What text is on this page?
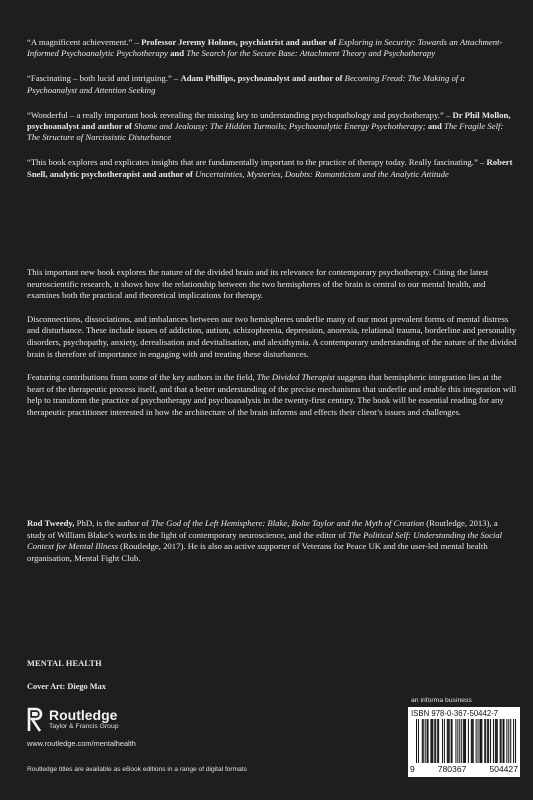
“A magnificent achievement.” – Professor Jeremy Holmes, psychiatrist and author of Exploring in Security: Towards an Attachment-Informed Psychoanalytic Psychotherapy and The Search for the Secure Base: Attachment Theory and Psychotherapy

“Fascinating – both lucid and intriguing.” – Adam Phillips, psychoanalyst and author of Becoming Freud: The Making of a Psychoanalyst and Attention Seeking

“Wonderful – a really important book revealing the missing key to understanding psychopathology and psychotherapy.” – Dr Phil Mollon, psychoanalyst and author of Shame and Jealousy: The Hidden Turmoils; Psychoanalytic Energy Psychotherapy; and The Fragile Self: The Structure of Narcissistic Disturbance

“This book explores and explicates insights that are fundamentally important to the practice of therapy today. Really fascinating.” – Robert Snell, analytic psychotherapist and author of Uncertainties, Mysteries, Doubts: Romanticism and the Analytic Attitude

This important new book explores the nature of the divided brain and its relevance for contemporary psychotherapy. Citing the latest neuroscientific research, it shows how the relationship between the two hemispheres of the brain is central to our mental health, and examines both the practical and theoretical implications for therapy.

Disconnections, dissociations, and imbalances between our two hemispheres underlie many of our most prevalent forms of mental distress and disturbance. These include issues of addiction, autism, schizophrenia, depression, anorexia, relational trauma, borderline and personality disorders, psychopathy, anxiety, derealisation and devitalisation, and alexithymia. A contemporary understanding of the nature of the divided brain is therefore of importance in engaging with and treating these disturbances.

Featuring contributions from some of the key authors in the field, The Divided Therapist suggests that hemispheric integration lies at the heart of the therapeutic process itself, and that a better understanding of the precise mechanisms that underlie and enable this integration will help to transform the practice of psychotherapy and psychoanalysis in the twenty-first century. The book will be essential reading for any therapeutic practitioner interested in how the architecture of the brain informs and effects their client’s issues and challenges.

Rod Tweedy, PhD, is the author of The God of the Left Hemisphere: Blake, Bolte Taylor and the Myth of Creation (Routledge, 2013), a study of William Blake’s works in the light of contemporary neuroscience, and the editor of The Political Self: Understanding the Social Context for Mental Illness (Routledge, 2017). He is also an active supporter of Veterans for Peace UK and the user-led mental health organisation, Mental Fight Club.
MENTAL HEALTH
Cover Art: Diego Max
Routledge
Taylor & Francis Group
www.routledge.com/mentalhealth
Routledge titles are available as eBook editions in a range of digital formats
an informa business
ISBN 978-0-367-50442-7
9	780367	504427
